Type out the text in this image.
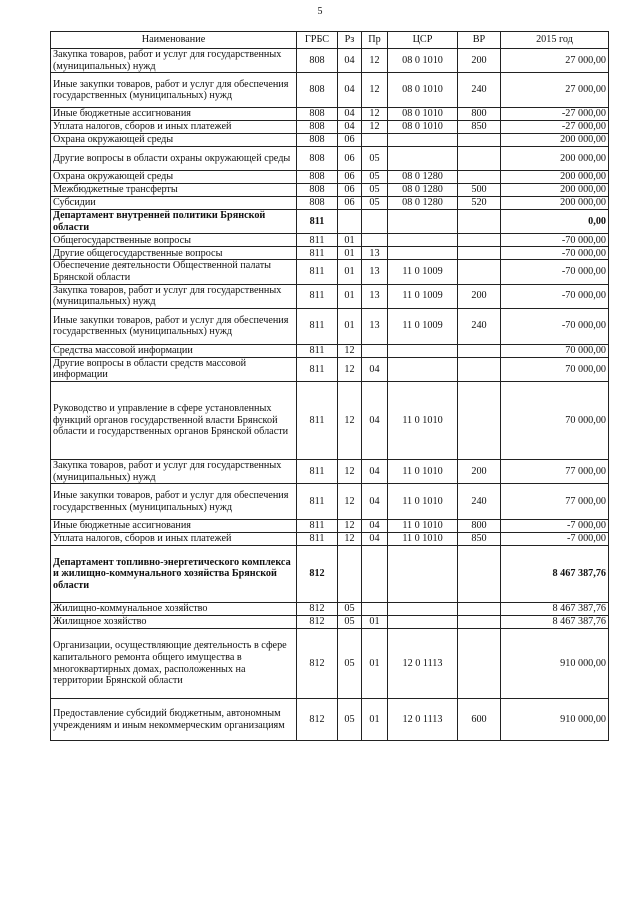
5
Наименование	ГРБС	Рз	Пр	ЦСР	ВР	2015 год
Закупка товаров, работ и услуг для государственных (муниципальных) нужд	808	04	12	08 0 1010	200	27 000,00
Иные закупки товаров, работ и услуг для обеспечения государственных (муниципальных) нужд	808	04	12	08 0 1010	240	27 000,00
Иные бюджетные ассигнования	808	04	12	08 0 1010	800	-27 000,00
Уплата налогов, сборов и иных платежей	808	04	12	08 0 1010	850	-27 000,00
Охрана окружающей среды	808	06				200 000,00
Другие вопросы в области охраны окружающей среды	808	06	05			200 000,00
Охрана окружающей среды	808	06	05	08 0 1280		200 000,00
Межбюджетные трансферты	808	06	05	08 0 1280	500	200 000,00
Субсидии	808	06	05	08 0 1280	520	200 000,00
Департамент внутренней политики Брянской области	811					0,00
Общегосударственные вопросы	811	01				-70 000,00
Другие общегосударственные вопросы	811	01	13			-70 000,00
Обеспечение деятельности Общественной палаты Брянской области	811	01	13	11 0 1009		-70 000,00
Закупка товаров, работ и услуг для государственных (муниципальных) нужд	811	01	13	11 0 1009	200	-70 000,00
Иные закупки товаров, работ и услуг для обеспечения государственных (муниципальных) нужд	811	01	13	11 0 1009	240	-70 000,00
Средства массовой информации	811	12				70 000,00
Другие вопросы в области средств массовой информации	811	12	04			70 000,00
Руководство и управление в сфере установленных функций органов государственной власти Брянской области и государственных органов Брянской области	811	12	04	11 0 1010		70 000,00
Закупка товаров, работ и услуг для государственных (муниципальных) нужд	811	12	04	11 0 1010	200	77 000,00
Иные закупки товаров, работ и услуг для обеспечения государственных (муниципальных) нужд	811	12	04	11 0 1010	240	77 000,00
Иные бюджетные ассигнования	811	12	04	11 0 1010	800	-7 000,00
Уплата налогов, сборов и иных платежей	811	12	04	11 0 1010	850	-7 000,00
Департамент топливно-энергетического комплекса и жилищно-коммунального хозяйства Брянской области	812					8 467 387,76
Жилищно-коммунальное хозяйство	812	05				8 467 387,76
Жилищное хозяйство	812	05	01			8 467 387,76
Организации, осуществляющие деятельность в сфере капитального ремонта общего имущества в многоквартирных домах, расположенных на территории Брянской области	812	05	01	12 0 1113		910 000,00
Предоставление субсидий бюджетным, автономным учреждениям и иным некоммерческим организациям	812	05	01	12 0 1113	600	910 000,00
